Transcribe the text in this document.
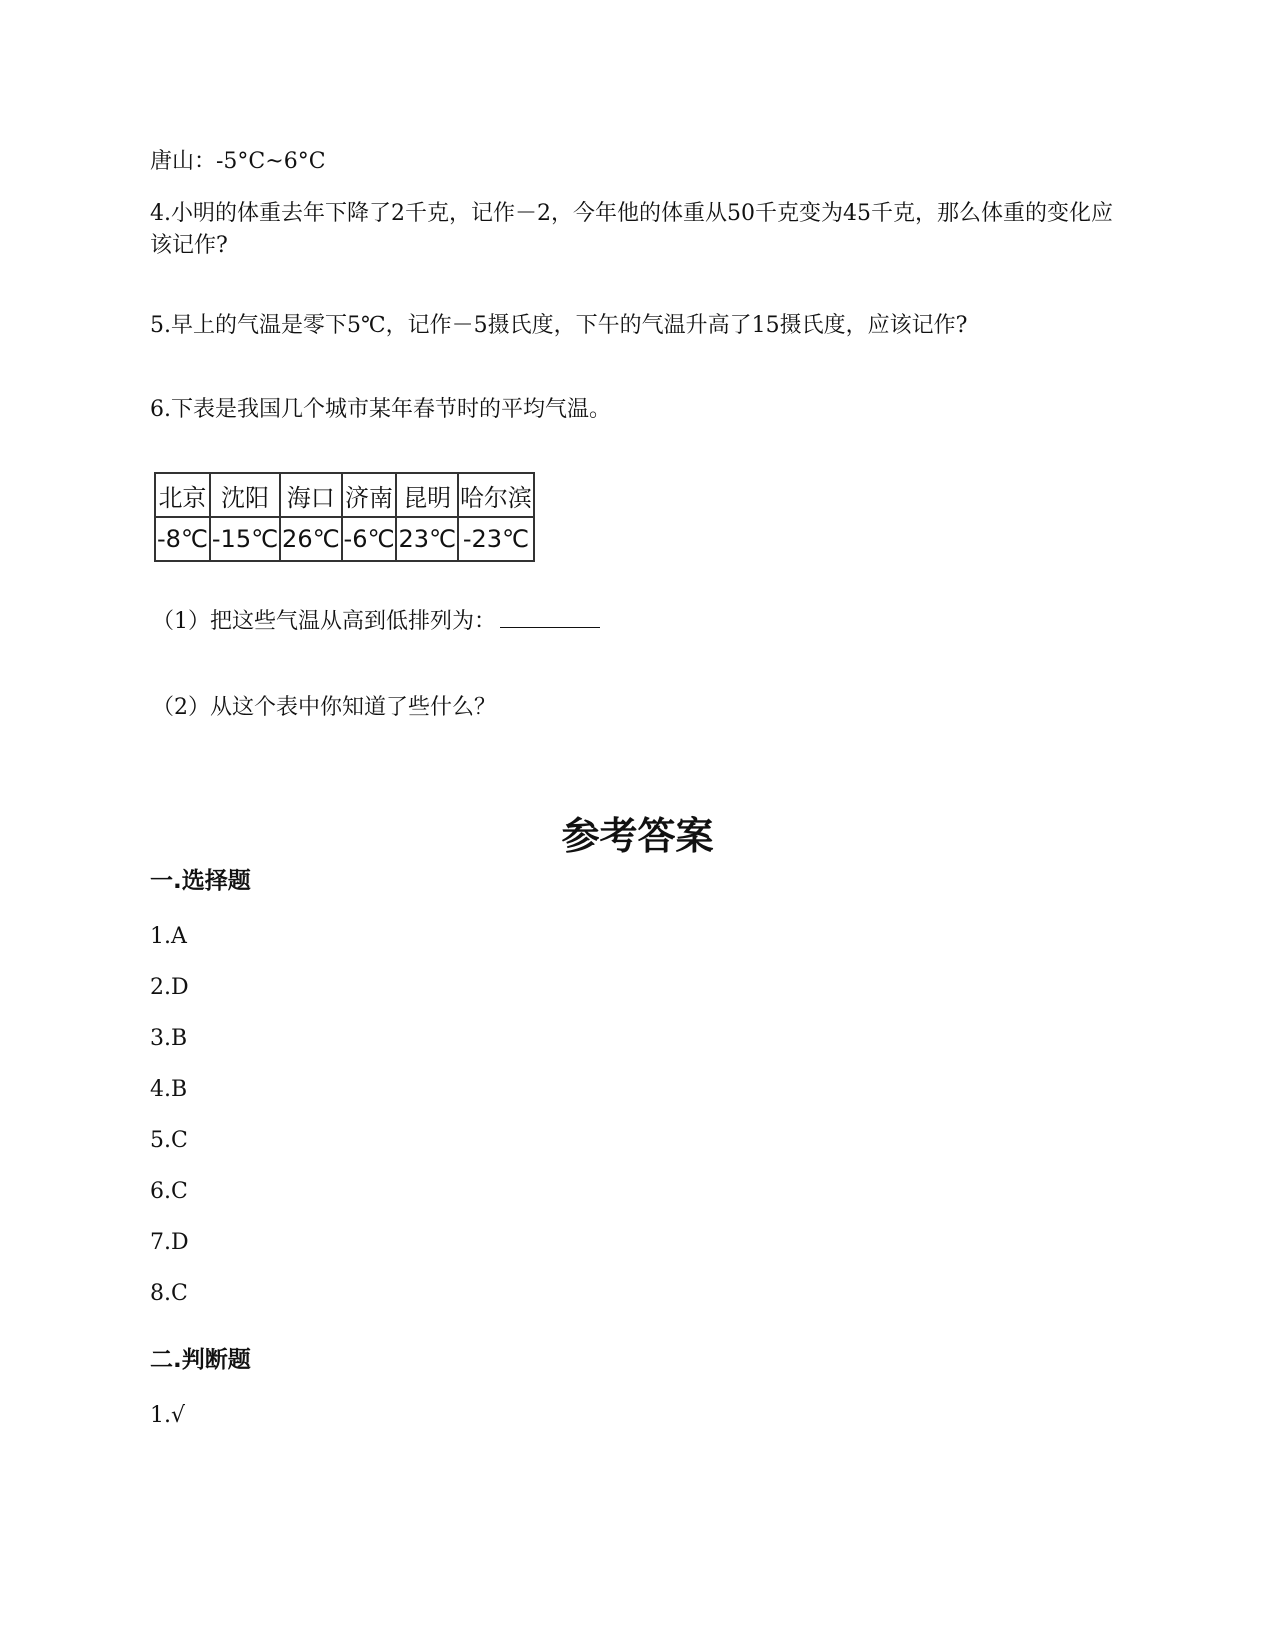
唐山：-5°C~6°C
4.小明的体重去年下降了2千克，记作－2，今年他的体重从50千克变为45千克，那么体重的变化应该记作?
5.早上的气温是零下5℃，记作－5摄氏度，下午的气温升高了15摄氏度，应该记作?
6.下表是我国几个城市某年春节时的平均气温。
北京	沈阳	海口	济南	昆明	哈尔滨
-8℃	-15℃	26℃	-6℃	23℃	-23℃
（1）把这些气温从高到低排列为：
（2）从这个表中你知道了些什么？
参考答案
一.选择题
1.A
2.D
3.B
4.B
5.C
6.C
7.D
8.C
二.判断题
1.√
